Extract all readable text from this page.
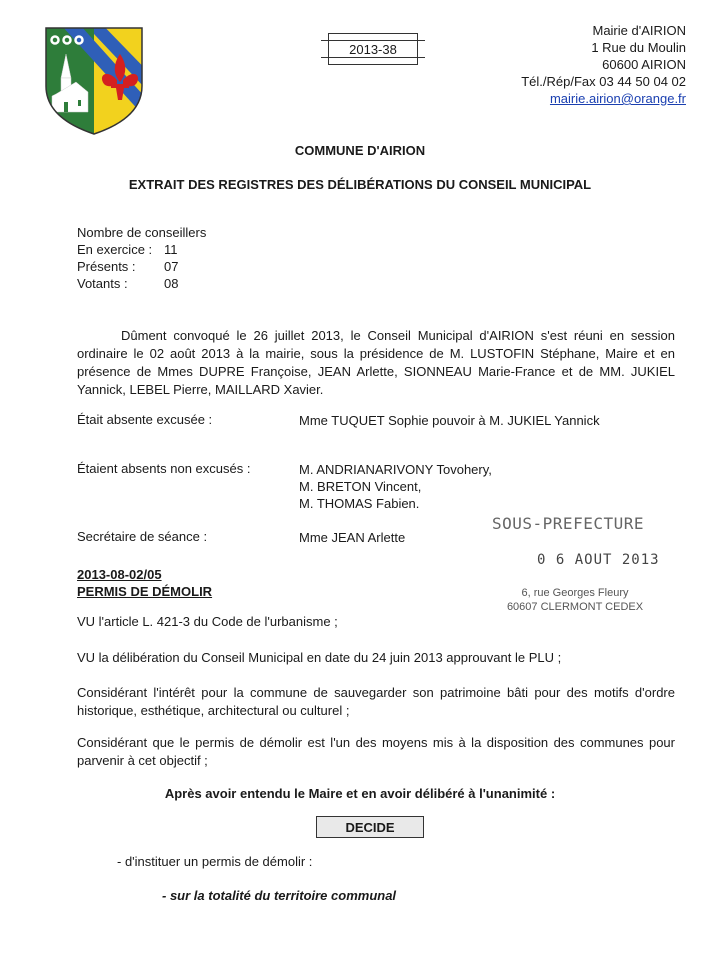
2013-38
Mairie d'AIRION
1 Rue du Moulin
60600 AIRION
Tél./Rép/Fax 03 44 50 04 02
mairie.airion@orange.fr
COMMUNE D'AIRION
EXTRAIT DES REGISTRES DES DÉLIBÉRATIONS DU CONSEIL MUNICIPAL
Nombre de conseillers
En exercice : 11
Présents :	07
Votants :	08
Dûment convoqué le 26 juillet 2013, le Conseil Municipal d'AIRION s'est réuni en session ordinaire le 02 août 2013 à la mairie, sous la présidence de M. LUSTOFIN Stéphane, Maire et en présence de Mmes DUPRE Françoise, JEAN Arlette, SIONNEAU Marie-France et de MM. JUKIEL Yannick, LEBEL Pierre, MAILLARD Xavier.
Était absente excusée :	Mme TUQUET Sophie pouvoir à M. JUKIEL Yannick
Étaient absents non excusés :	M. ANDRIANARIVONY Tovohery,
M. BRETON Vincent,
M. THOMAS Fabien.
Secrétaire de séance :	Mme JEAN Arlette
SOUS-PREFECTURE
0 6 AOUT 2013
6, rue Georges Fleury
60607 CLERMONT CEDEX
2013-08-02/05
PERMIS DE DÉMOLIR
VU l'article L. 421-3 du Code de l'urbanisme ;
VU la délibération du Conseil Municipal en date du 24 juin 2013 approuvant le PLU ;
Considérant l'intérêt pour la commune de sauvegarder son patrimoine bâti pour des motifs d'ordre historique, esthétique, architectural ou culturel ;
Considérant que le permis de démolir est l'un des moyens mis à la disposition des communes pour parvenir à cet objectif ;
Après avoir entendu le Maire et en avoir délibéré à l'unanimité :
DECIDE
- d'instituer un permis de démolir :
- sur la totalité du territoire communal
